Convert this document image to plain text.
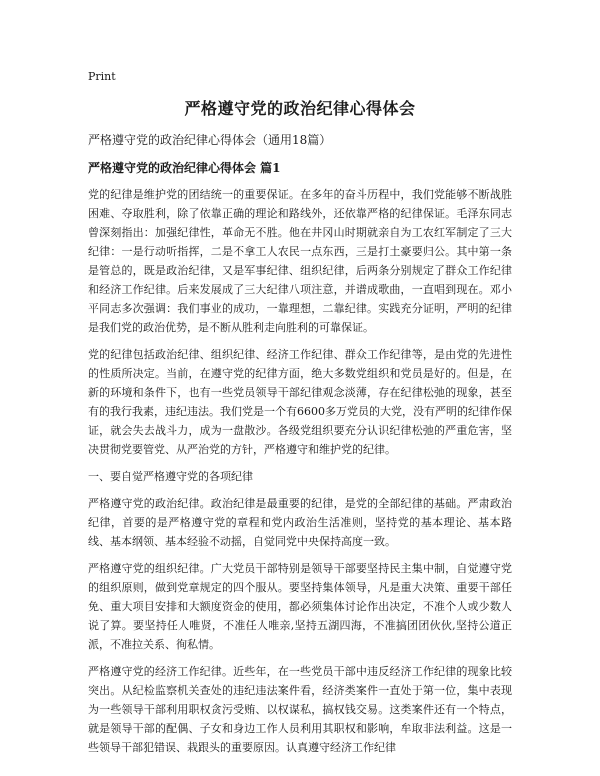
Print
严格遵守党的政治纪律心得体会

严格遵守党的政治纪律心得体会（通用18篇）

严格遵守党的政治纪律心得体会 篇1

党的纪律是维护党的团结统一的重要保证。在多年的奋斗历程中，我们党能够不断战胜困难、夺取胜利，除了依靠正确的理论和路线外，还依靠严格的纪律保证。毛泽东同志曾深刻指出：加强纪律性，革命无不胜。他在井冈山时期就亲自为工农红军制定了三大纪律：一是行动听指挥，二是不拿工人农民一点东西，三是打土豪要归公。其中第一条是管总的，既是政治纪律，又是军事纪律、组织纪律，后两条分别规定了群众工作纪律和经济工作纪律。后来发展成了三大纪律八项注意，并谱成歌曲，一直唱到现在。邓小平同志多次强调：我们事业的成功，一靠理想，二靠纪律。实践充分证明，严明的纪律是我们党的政治优势，是不断从胜利走向胜利的可靠保证。

党的纪律包括政治纪律、组织纪律、经济工作纪律、群众工作纪律等，是由党的先进性的性质所决定。当前，在遵守党的纪律方面，绝大多数党组织和党员是好的。但是，在新的环境和条件下，也有一些党员领导干部纪律观念淡薄，存在纪律松弛的现象，甚至有的我行我素，违纪违法。我们党是一个有6600多万党员的大党，没有严明的纪律作保证，就会失去战斗力，成为一盘散沙。各级党组织要充分认识纪律松弛的严重危害，坚决贯彻党要管党、从严治党的方针，严格遵守和维护党的纪律。

一、要自觉严格遵守党的各项纪律

严格遵守党的政治纪律。政治纪律是最重要的纪律，是党的全部纪律的基础。严肃政治纪律，首要的是严格遵守党的章程和党内政治生活准则，坚持党的基本理论、基本路线、基本纲领、基本经验不动摇，自觉同党中央保持高度一致。

严格遵守党的组织纪律。广大党员干部特别是领导干部要坚持民主集中制，自觉遵守党的组织原则，做到党章规定的四个服从。要坚持集体领导，凡是重大决策、重要干部任免、重大项目安排和大额度资金的使用，都必须集体讨论作出决定，不准个人或少数人说了算。要坚持任人唯贤，不准任人唯亲,坚持五湖四海，不准搞团团伙伙,坚持公道正派，不准拉关系、徇私情。

严格遵守党的经济工作纪律。近些年，在一些党员干部中违反经济工作纪律的现象比较突出。从纪检监察机关查处的违纪违法案件看，经济类案件一直处于第一位，集中表现为一些领导干部利用职权贪污受贿、以权谋私，搞权钱交易。这类案件还有一个特点，就是领导干部的配偶、子女和身边工作人员利用其职权和影响，牟取非法利益。这是一些领导干部犯错误、栽跟头的重要原因。认真遵守经济工作纪律
